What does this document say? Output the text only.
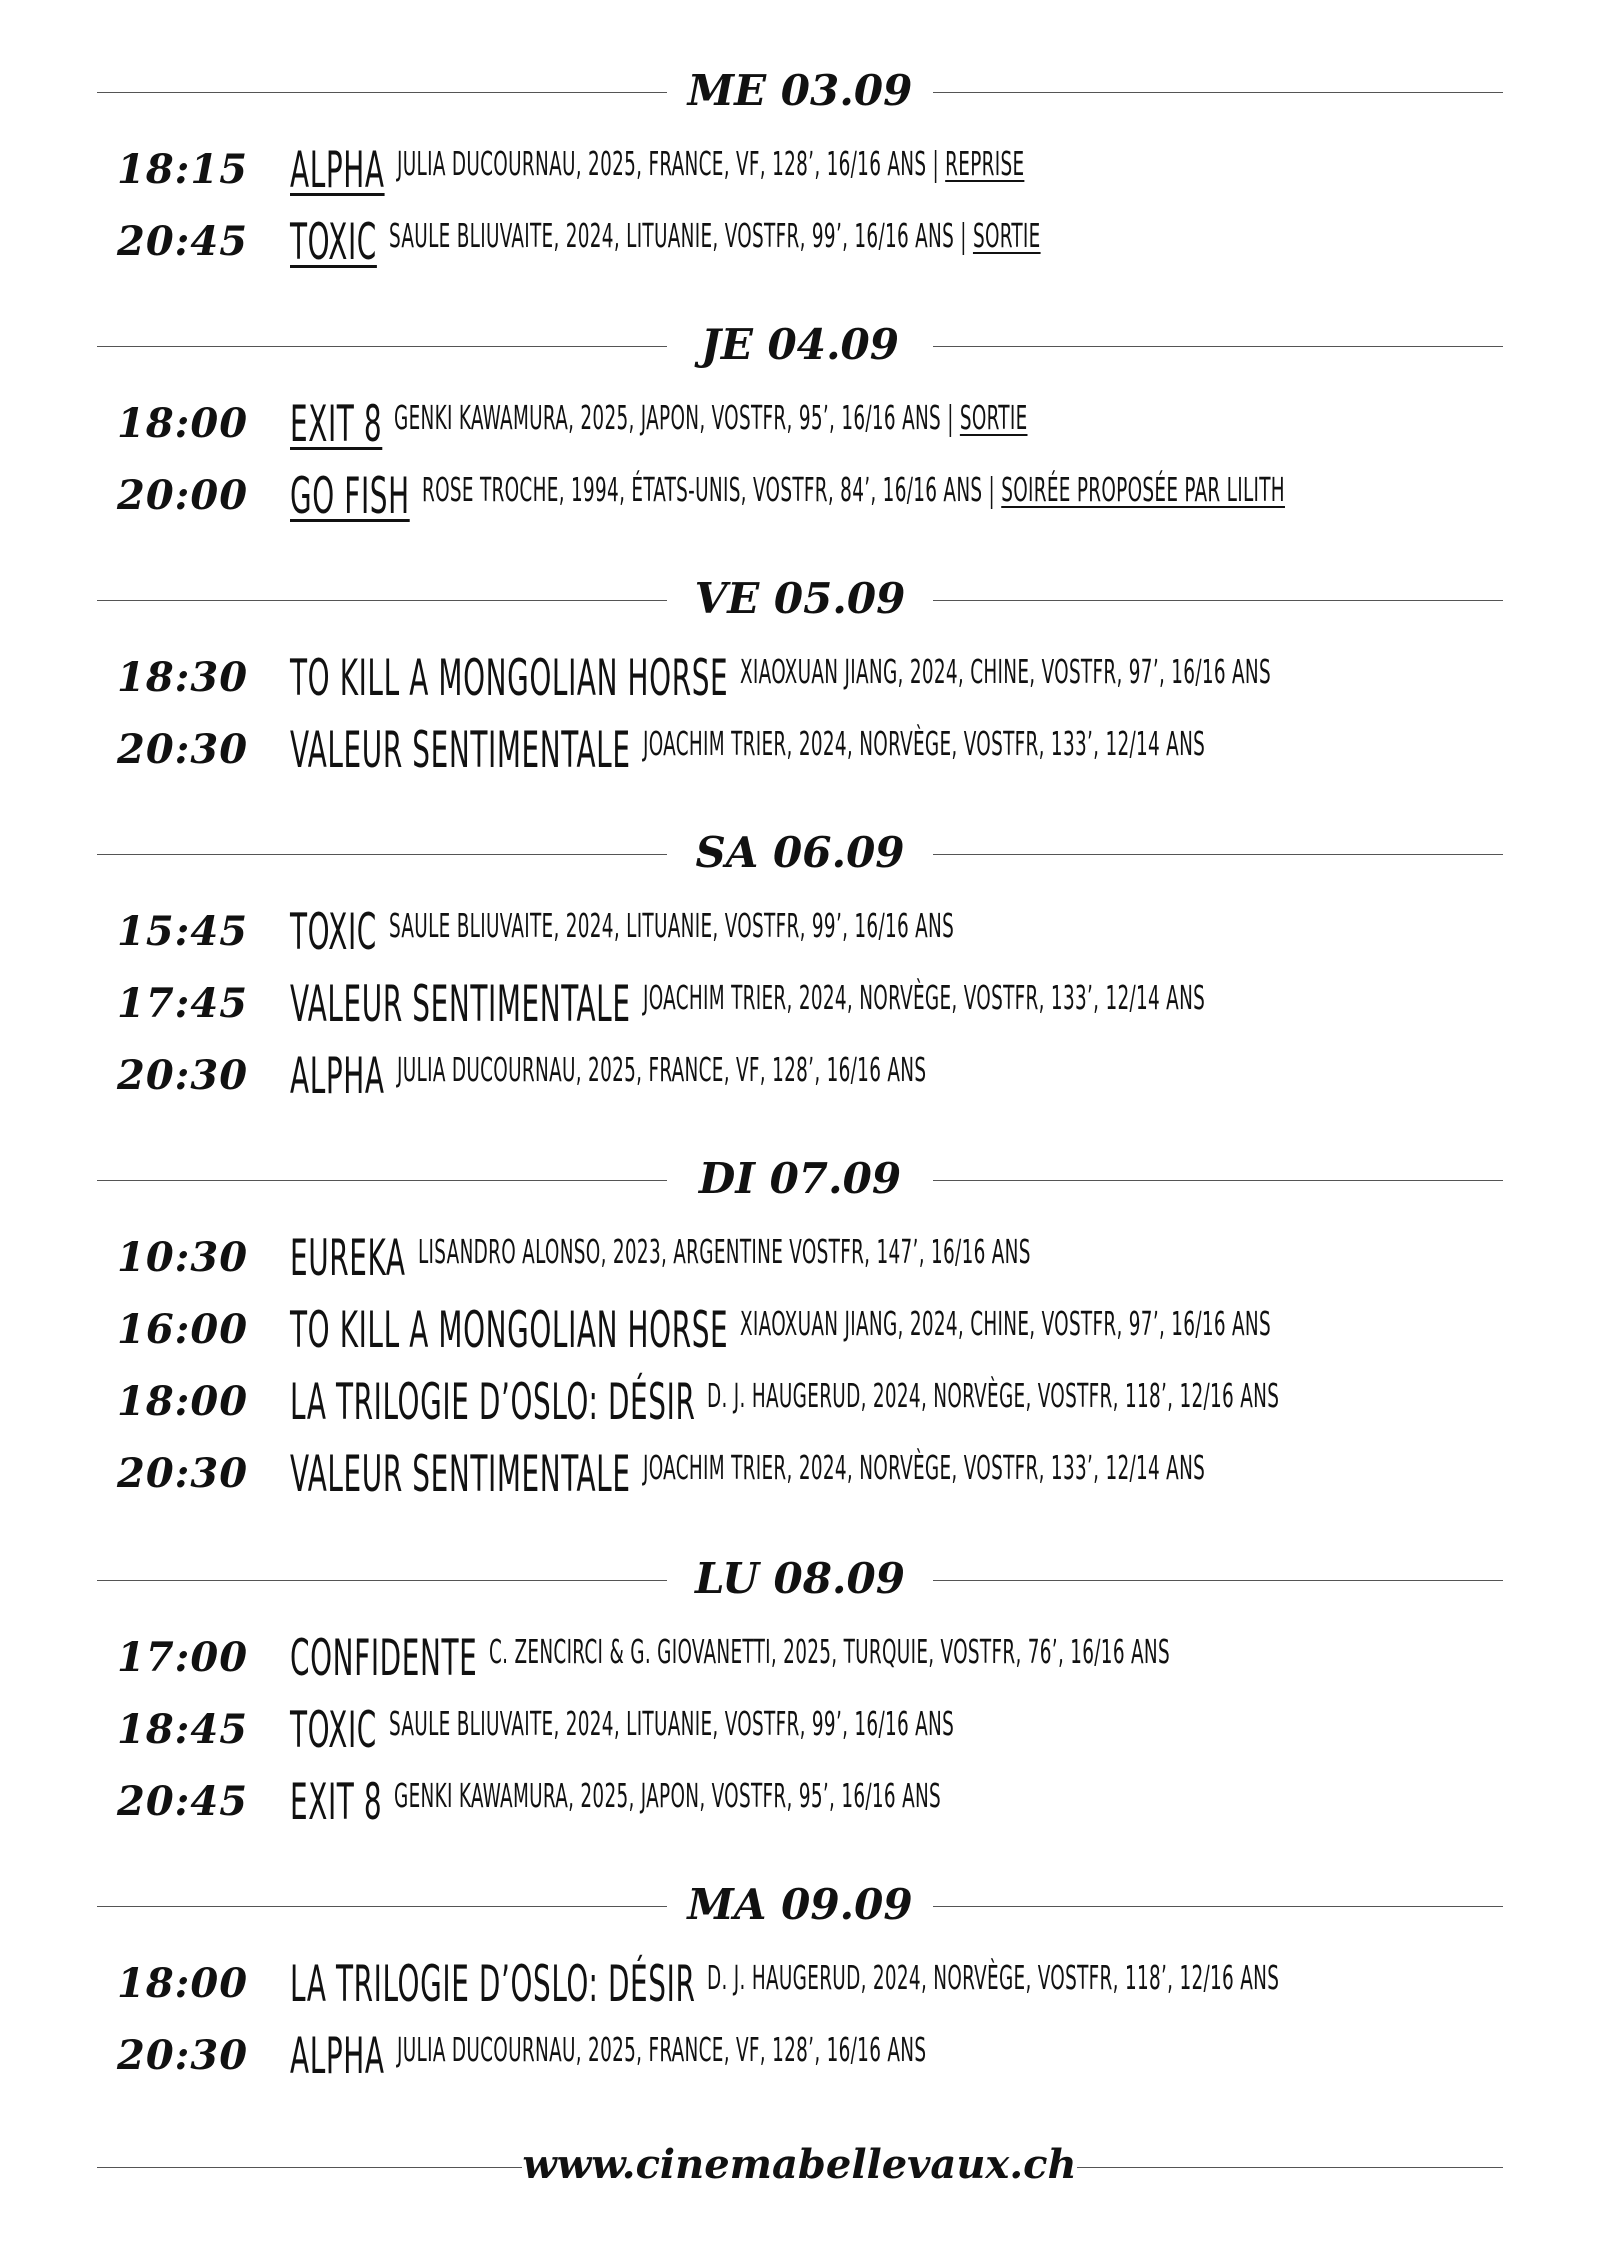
ME 03.09
18:15 ALPHA JULIA DUCOURNAU, 2025, FRANCE, VF, 128’, 16/16 ANS | REPRISE
20:45 TOXIC SAULE BLIUVAITE, 2024, LITUANIE, VOSTFR, 99’, 16/16 ANS | SORTIE
JE 04.09
18:00 EXIT 8 GENKI KAWAMURA, 2025, JAPON, VOSTFR, 95’, 16/16 ANS | SORTIE
20:00 GO FISH ROSE TROCHE, 1994, ÉTATS-UNIS, VOSTFR, 84’, 16/16 ANS | SOIRÉE PROPOSÉE PAR LILITH
VE 05.09
18:30 TO KILL A MONGOLIAN HORSE XIAOXUAN JIANG, 2024, CHINE, VOSTFR, 97’, 16/16 ANS
20:30 VALEUR SENTIMENTALE JOACHIM TRIER, 2024, NORVÈGE, VOSTFR, 133’, 12/14 ANS
SA 06.09
15:45 TOXIC SAULE BLIUVAITE, 2024, LITUANIE, VOSTFR, 99’, 16/16 ANS
17:45 VALEUR SENTIMENTALE JOACHIM TRIER, 2024, NORVÈGE, VOSTFR, 133’, 12/14 ANS
20:30 ALPHA JULIA DUCOURNAU, 2025, FRANCE, VF, 128’, 16/16 ANS
DI 07.09
10:30 EUREKA LISANDRO ALONSO, 2023, ARGENTINE VOSTFR, 147’, 16/16 ANS
16:00 TO KILL A MONGOLIAN HORSE XIAOXUAN JIANG, 2024, CHINE, VOSTFR, 97’, 16/16 ANS
18:00 LA TRILOGIE D’OSLO: DÉSIR D. J. HAUGERUD, 2024, NORVÈGE, VOSTFR, 118’, 12/16 ANS
20:30 VALEUR SENTIMENTALE JOACHIM TRIER, 2024, NORVÈGE, VOSTFR, 133’, 12/14 ANS
LU 08.09
17:00 CONFIDENTE C. ZENCIRCI & G. GIOVANETTI, 2025, TURQUIE, VOSTFR, 76’, 16/16 ANS
18:45 TOXIC SAULE BLIUVAITE, 2024, LITUANIE, VOSTFR, 99’, 16/16 ANS
20:45 EXIT 8 GENKI KAWAMURA, 2025, JAPON, VOSTFR, 95’, 16/16 ANS
MA 09.09
18:00 LA TRILOGIE D’OSLO: DÉSIR D. J. HAUGERUD, 2024, NORVÈGE, VOSTFR, 118’, 12/16 ANS
20:30 ALPHA JULIA DUCOURNAU, 2025, FRANCE, VF, 128’, 16/16 ANS
www.cinemabellevaux.ch
